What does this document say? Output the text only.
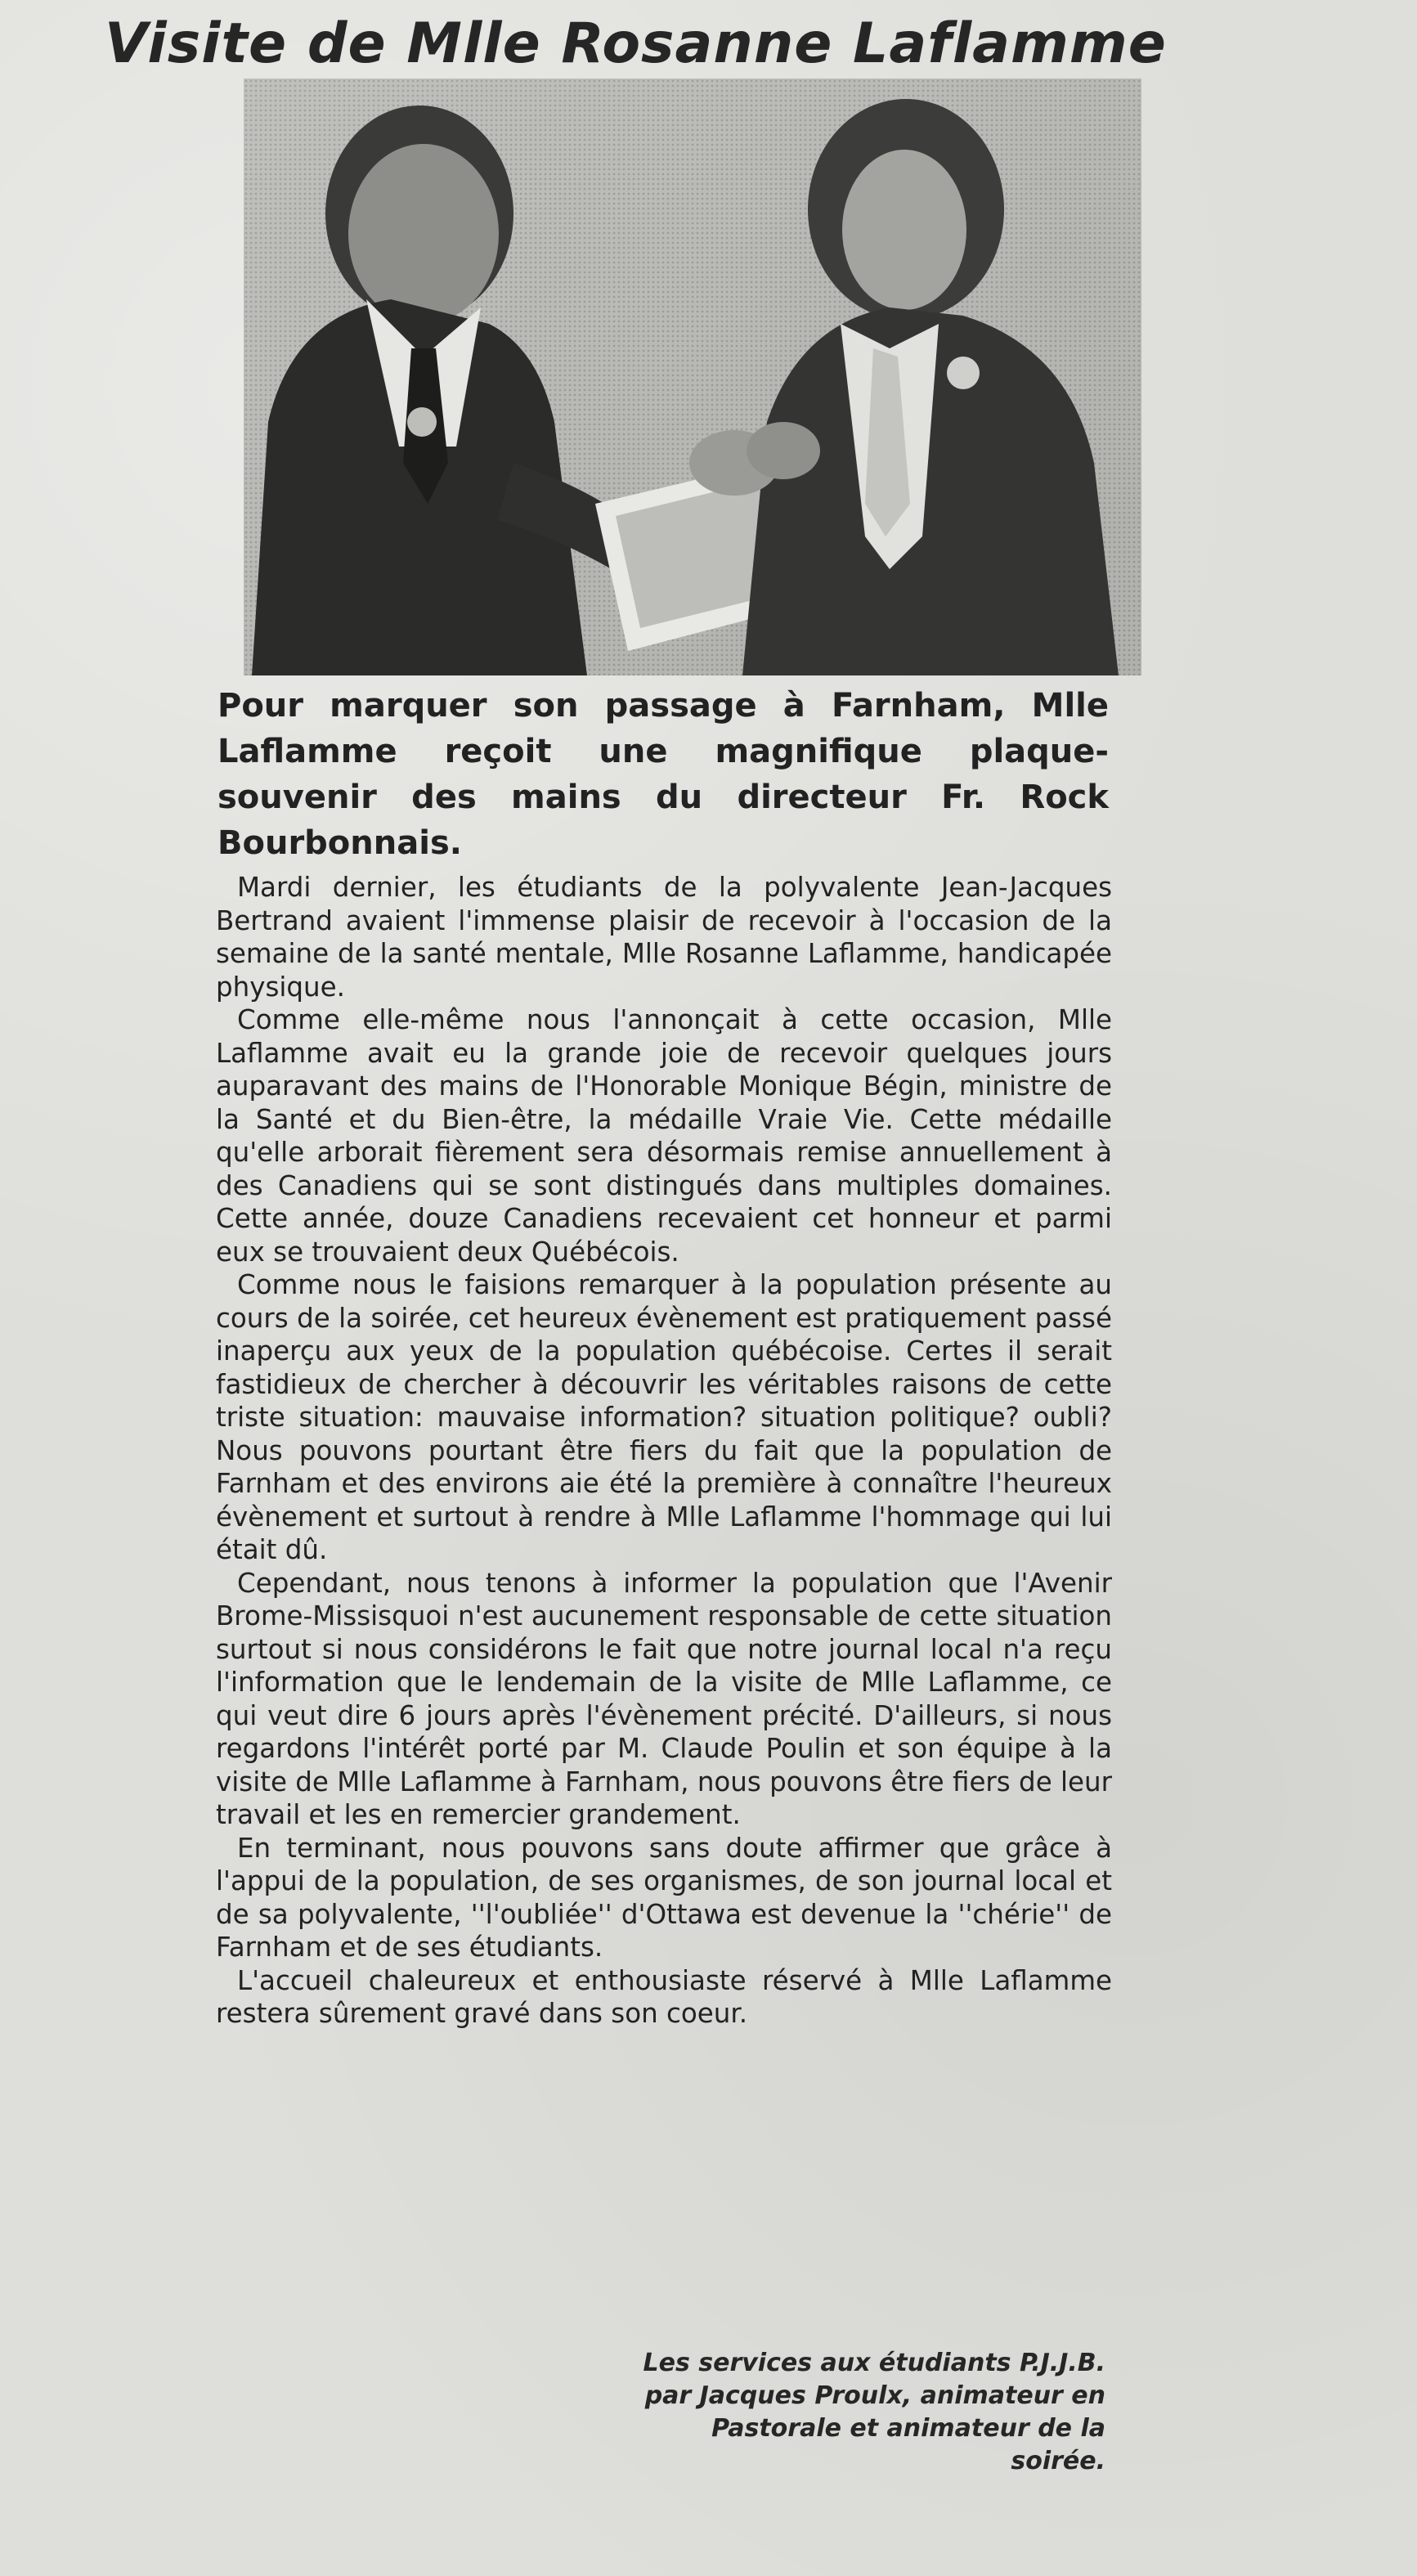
Visite de Mlle Rosanne Laflamme

Pour marquer son passage à Farnham, Mlle Laflamme reçoit une magnifique plaque-souvenir des mains du directeur Fr. Rock Bourbonnais.

Mardi dernier, les étudiants de la polyvalente Jean-Jacques Bertrand avaient l'immense plaisir de recevoir à l'occasion de la semaine de la santé mentale, Mlle Rosanne Laflamme, handicapée physique.

Comme elle-même nous l'annonçait à cette occasion, Mlle Laflamme avait eu la grande joie de recevoir quelques jours auparavant des mains de l'Honorable Monique Bégin, ministre de la Santé et du Bien-être, la médaille Vraie Vie. Cette médaille qu'elle arborait fièrement sera désormais remise annuellement à des Canadiens qui se sont distingués dans multiples domaines. Cette année, douze Canadiens recevaient cet honneur et parmi eux se trouvaient deux Québécois.

Comme nous le faisions remarquer à la population présente au cours de la soirée, cet heureux évènement est pratiquement passé inaperçu aux yeux de la population québécoise. Certes il serait fastidieux de chercher à découvrir les véritables raisons de cette triste situation: mauvaise information? situation politique? oubli? Nous pouvons pourtant être fiers du fait que la population de Farnham et des environs aie été la première à connaître l'heureux évènement et surtout à rendre à Mlle Laflamme l'hommage qui lui était dû.

Cependant, nous tenons à informer la population que l'Avenir Brome-Missisquoi n'est aucunement responsable de cette situation surtout si nous considérons le fait que notre journal local n'a reçu l'information que le lendemain de la visite de Mlle Laflamme, ce qui veut dire 6 jours après l'évènement précité. D'ailleurs, si nous regardons l'intérêt porté par M. Claude Poulin et son équipe à la visite de Mlle Laflamme à Farnham, nous pouvons être fiers de leur travail et les en remercier grandement.

En terminant, nous pouvons sans doute affirmer que grâce à l'appui de la population, de ses organismes, de son journal local et de sa polyvalente, ''l'oubliée'' d'Ottawa est devenue la ''chérie'' de Farnham et de ses étudiants.

L'accueil chaleureux et enthousiaste réservé à Mlle Laflamme restera sûrement gravé dans son coeur.

Les services aux étudiants P.J.J.B.
par Jacques Proulx, animateur en
Pastorale et animateur de la
soirée.
